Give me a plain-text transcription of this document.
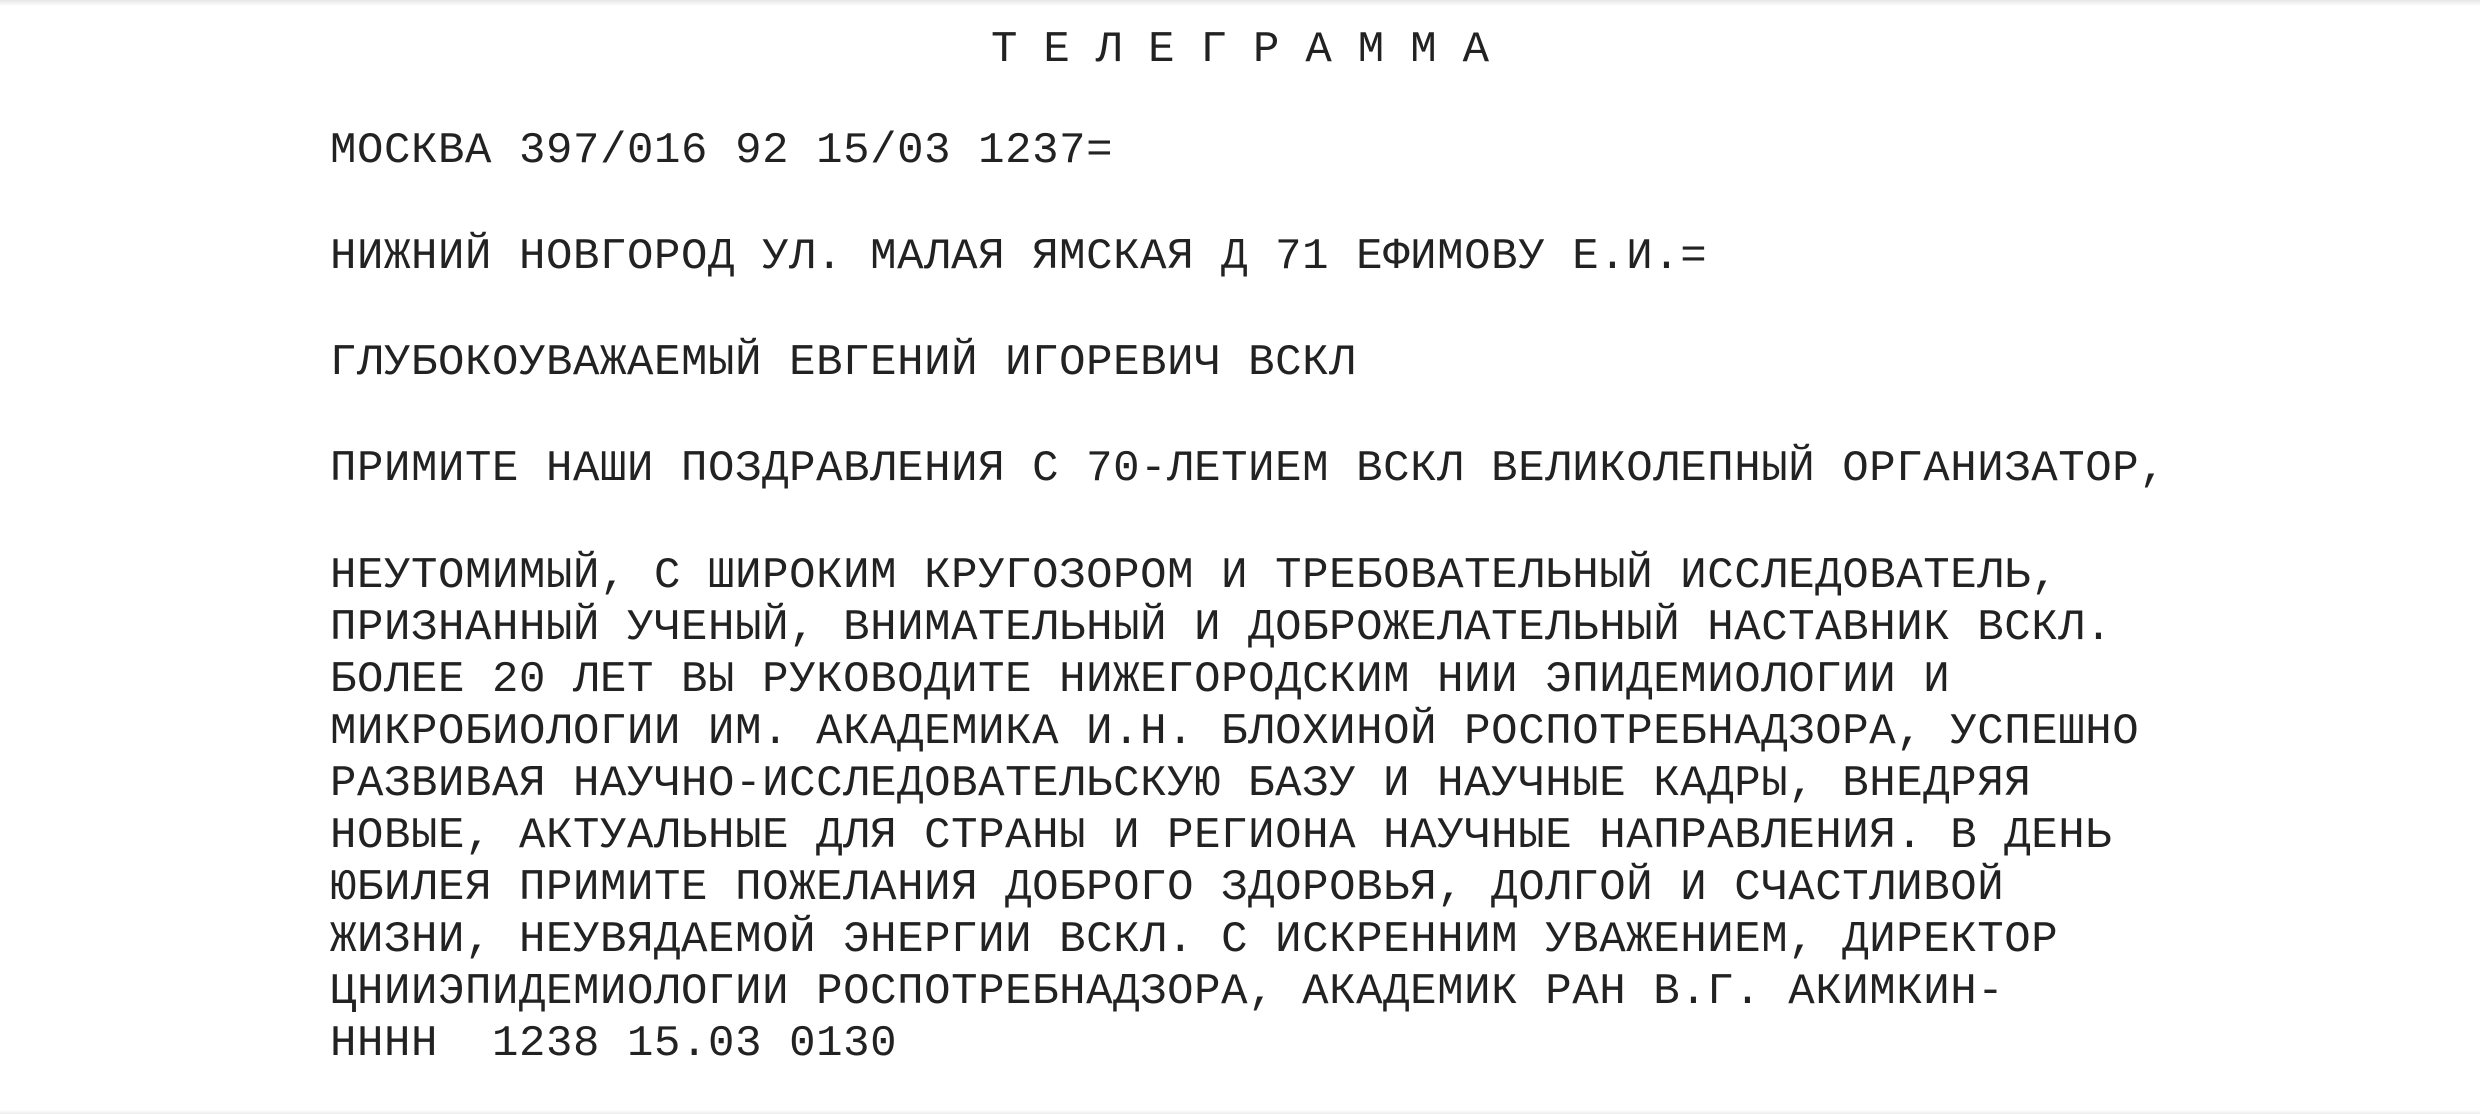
ТЕЛЕГРАММА
МОСКВА 397/016 92 15/03 1237=
НИЖНИЙ НОВГОРОД УЛ. МАЛАЯ ЯМСКАЯ Д 71 ЕФИМОВУ Е.И.=
ГЛУБОКОУВАЖАЕМЫЙ ЕВГЕНИЙ ИГОРЕВИЧ ВСКЛ
ПРИМИТЕ НАШИ ПОЗДРАВЛЕНИЯ С 70-ЛЕТИЕМ ВСКЛ ВЕЛИКОЛЕПНЫЙ ОРГАНИЗАТОР,
НЕУТОМИМЫЙ, С ШИРОКИМ КРУГОЗОРОМ И ТРЕБОВАТЕЛЬНЫЙ ИССЛЕДОВАТЕЛЬ,
ПРИЗНАННЫЙ УЧЕНЫЙ, ВНИМАТЕЛЬНЫЙ И ДОБРОЖЕЛАТЕЛЬНЫЙ НАСТАВНИК ВСКЛ.
БОЛЕЕ 20 ЛЕТ ВЫ РУКОВОДИТЕ НИЖЕГОРОДСКИМ НИИ ЭПИДЕМИОЛОГИИ И
МИКРОБИОЛОГИИ ИМ. АКАДЕМИКА И.Н. БЛОХИНОЙ РОСПОТРЕБНАДЗОРА, УСПЕШНО
РАЗВИВАЯ НАУЧНО-ИССЛЕДОВАТЕЛЬСКУЮ БАЗУ И НАУЧНЫЕ КАДРЫ, ВНЕДРЯЯ
НОВЫЕ, АКТУАЛЬНЫЕ ДЛЯ СТРАНЫ И РЕГИОНА НАУЧНЫЕ НАПРАВЛЕНИЯ. В ДЕНЬ
ЮБИЛЕЯ ПРИМИТЕ ПОЖЕЛАНИЯ ДОБРОГО ЗДОРОВЬЯ, ДОЛГОЙ И СЧАСТЛИВОЙ
ЖИЗНИ, НЕУВЯДАЕМОЙ ЭНЕРГИИ ВСКЛ. С ИСКРЕННИМ УВАЖЕНИЕМ, ДИРЕКТОР
ЦНИИЭПИДЕМИОЛОГИИ РОСПОТРЕБНАДЗОРА, АКАДЕМИК РАН В.Г. АКИМКИН-
НННН  1238 15.03 0130
